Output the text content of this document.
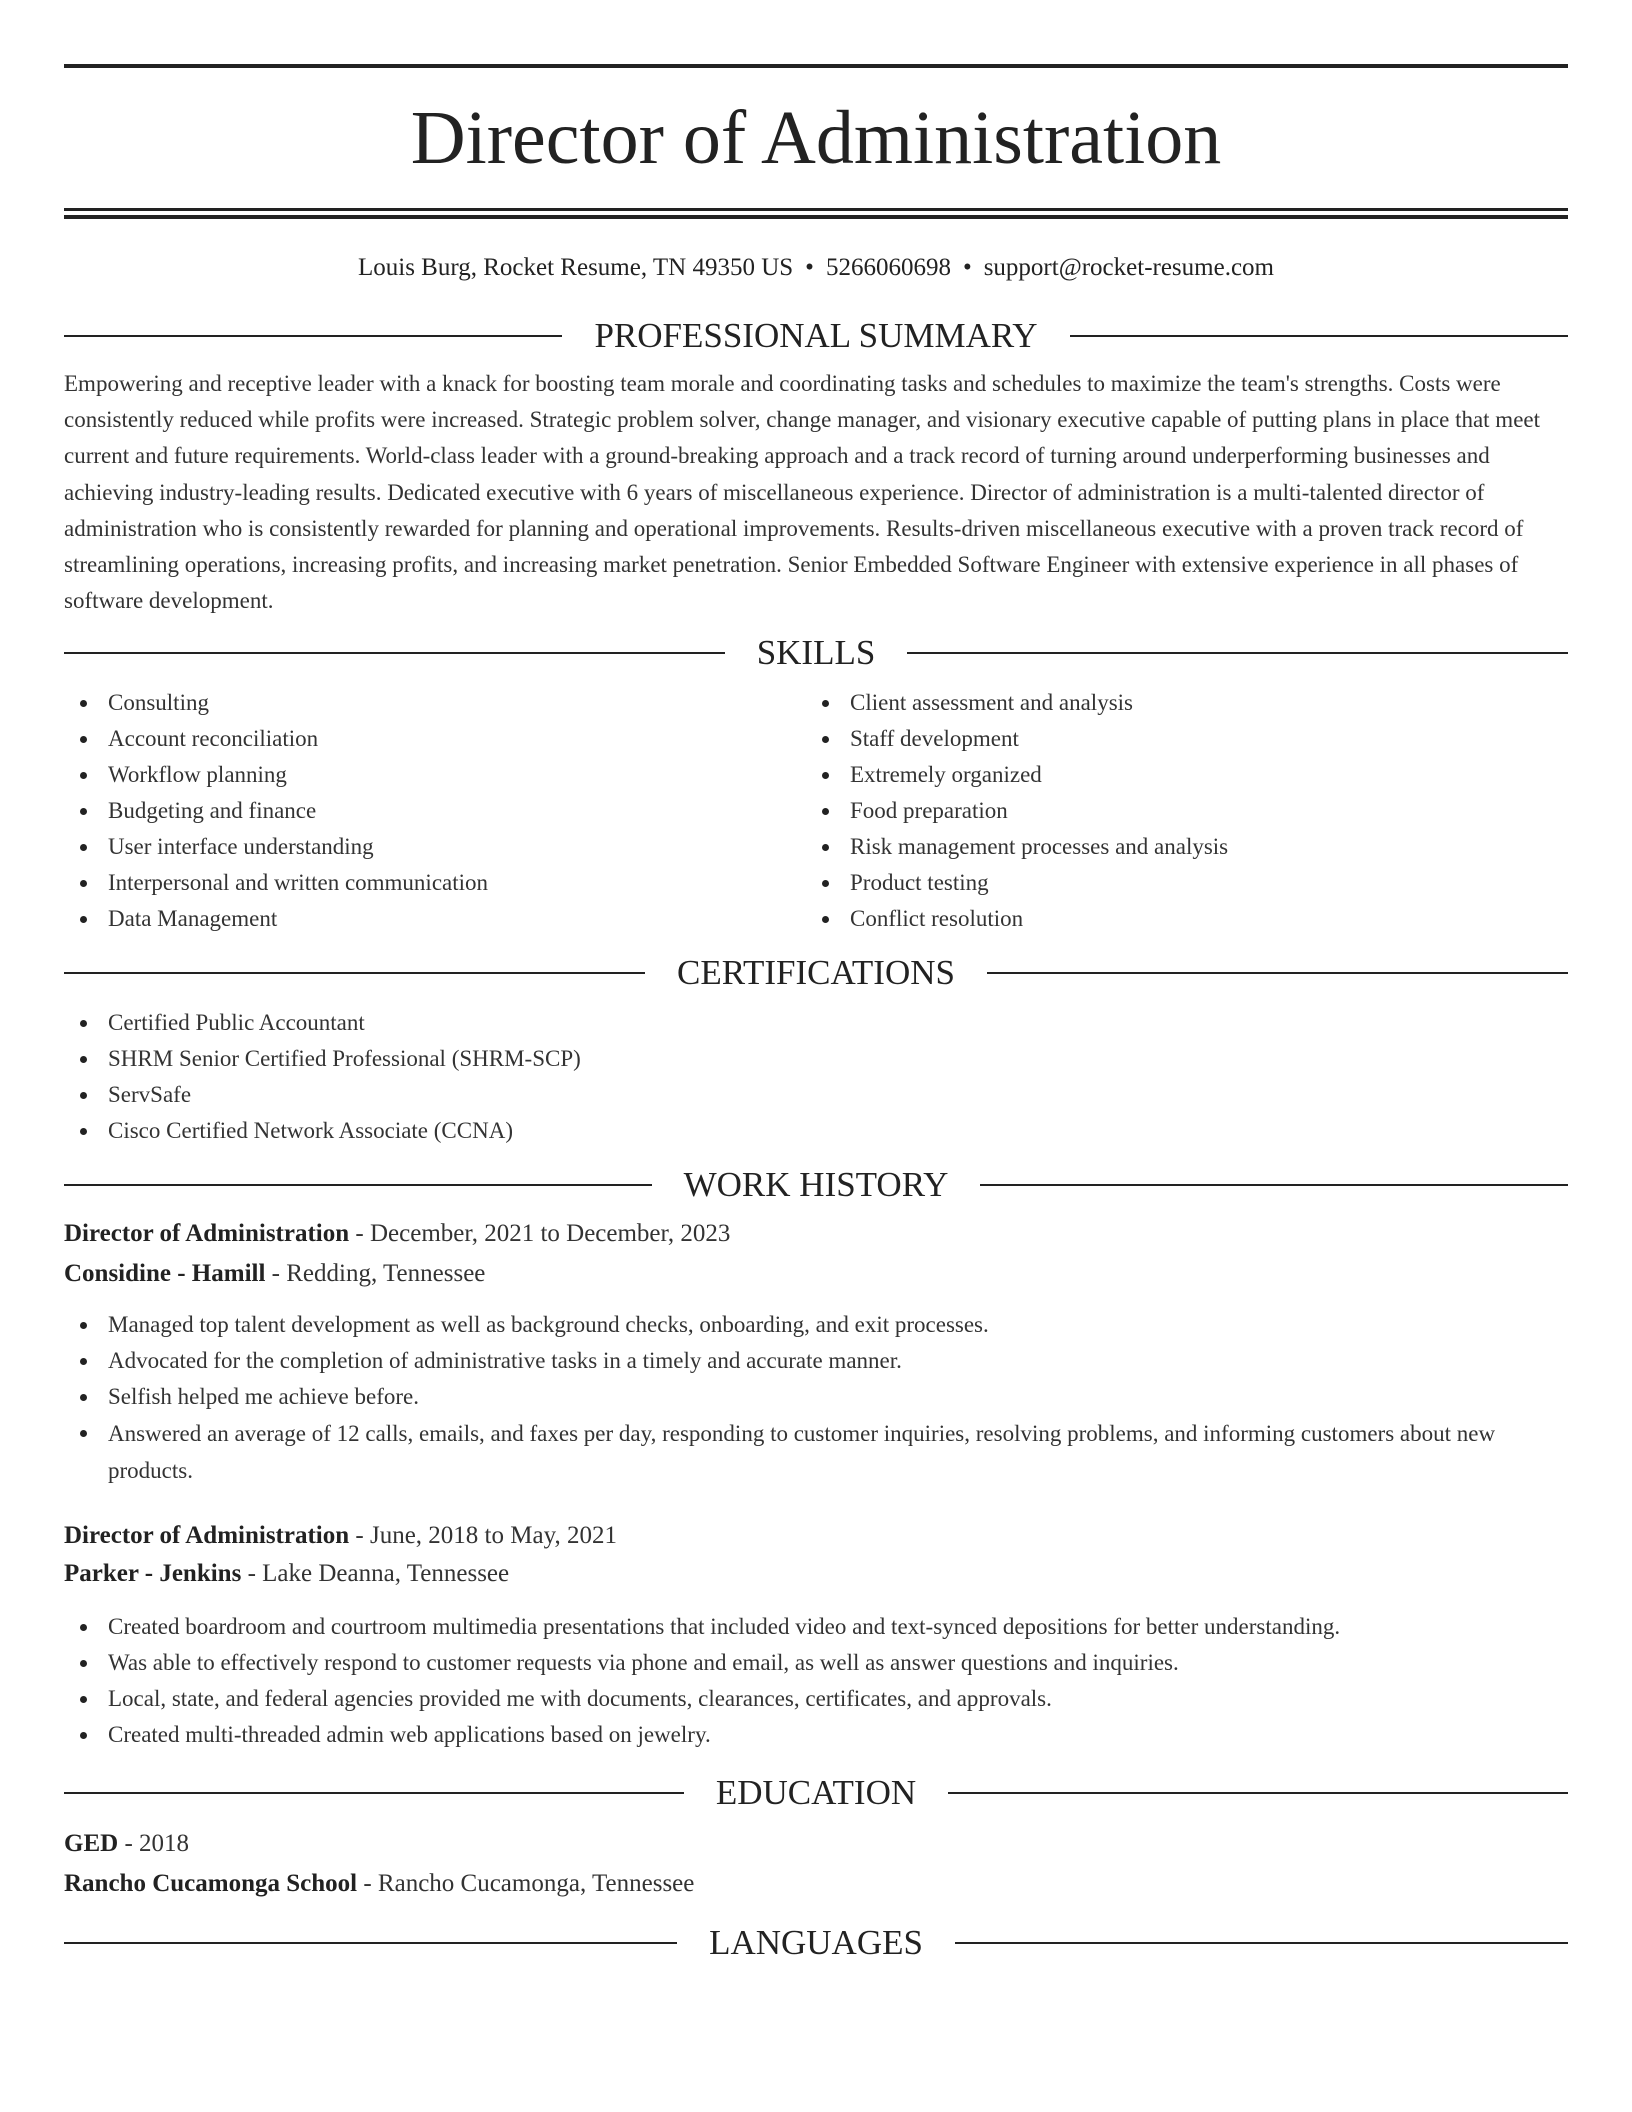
Director of Administration
Louis Burg, Rocket Resume, TN 49350 US • 5266060698 • support@rocket-resume.com
PROFESSIONAL SUMMARY
Empowering and receptive leader with a knack for boosting team morale and coordinating tasks and schedules to maximize the team's strengths. Costs were consistently reduced while profits were increased. Strategic problem solver, change manager, and visionary executive capable of putting plans in place that meet current and future requirements. World-class leader with a ground-breaking approach and a track record of turning around underperforming businesses and achieving industry-leading results. Dedicated executive with 6 years of miscellaneous experience. Director of administration is a multi-talented director of administration who is consistently rewarded for planning and operational improvements. Results-driven miscellaneous executive with a proven track record of streamlining operations, increasing profits, and increasing market penetration. Senior Embedded Software Engineer with extensive experience in all phases of software development.
SKILLS
Consulting
Account reconciliation
Workflow planning
Budgeting and finance
User interface understanding
Interpersonal and written communication
Data Management
Client assessment and analysis
Staff development
Extremely organized
Food preparation
Risk management processes and analysis
Product testing
Conflict resolution
CERTIFICATIONS
Certified Public Accountant
SHRM Senior Certified Professional (SHRM-SCP)
ServSafe
Cisco Certified Network Associate (CCNA)
WORK HISTORY
Director of Administration - December, 2021 to December, 2023
Considine - Hamill - Redding, Tennessee
Managed top talent development as well as background checks, onboarding, and exit processes.
Advocated for the completion of administrative tasks in a timely and accurate manner.
Selfish helped me achieve before.
Answered an average of 12 calls, emails, and faxes per day, responding to customer inquiries, resolving problems, and informing customers about new products.
Director of Administration - June, 2018 to May, 2021
Parker - Jenkins - Lake Deanna, Tennessee
Created boardroom and courtroom multimedia presentations that included video and text-synced depositions for better understanding.
Was able to effectively respond to customer requests via phone and email, as well as answer questions and inquiries.
Local, state, and federal agencies provided me with documents, clearances, certificates, and approvals.
Created multi-threaded admin web applications based on jewelry.
EDUCATION
GED - 2018
Rancho Cucamonga School - Rancho Cucamonga, Tennessee
LANGUAGES
